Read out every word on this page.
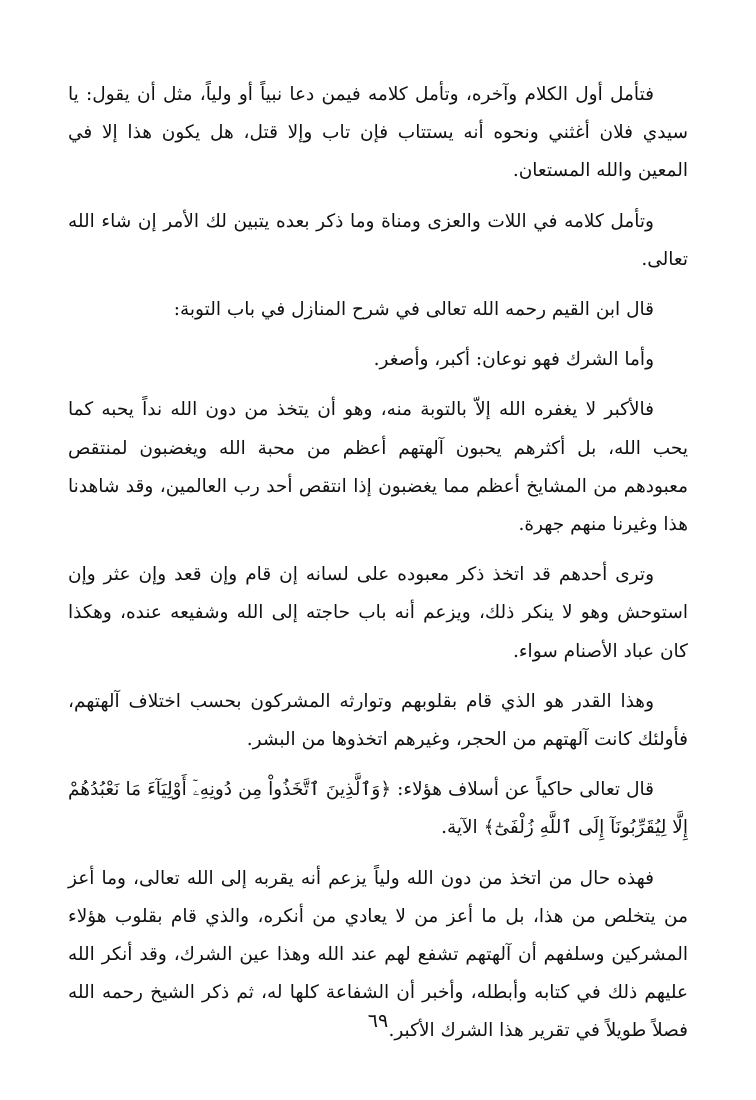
فتأمل أول الكلام وآخره، وتأمل كلامه فيمن دعا نبياً أو ولياً، مثل أن يقول: يا سيدي فلان أغثني ونحوه أنه يستتاب فإن تاب وإلا قتل، هل يكون هذا إلا في المعين والله المستعان.

وتأمل كلامه في اللات والعزى ومناة وما ذكر بعده يتبين لك الأمر إن شاء الله تعالى.

قال ابن القيم رحمه الله تعالى في شرح المنازل في باب التوبة:

وأما الشرك فهو نوعان: أكبر، وأصغر.

فالأكبر لا يغفره الله إلاّ بالتوبة منه، وهو أن يتخذ من دون الله نداً يحبه كما يحب الله، بل أكثرهم يحبون آلهتهم أعظم من محبة الله ويغضبون لمنتقص معبودهم من المشايخ أعظم مما يغضبون إذا انتقص أحد رب العالمين، وقد شاهدنا هذا وغيرنا منهم جهرة.

وترى أحدهم قد اتخذ ذكر معبوده على لسانه إن قام وإن قعد وإن عثر وإن استوحش وهو لا ينكر ذلك، ويزعم أنه باب حاجته إلى الله وشفيعه عنده، وهكذا كان عباد الأصنام سواء.

وهذا القدر هو الذي قام بقلوبهم وتوارثه المشركون بحسب اختلاف آلهتهم، فأولئك كانت آلهتهم من الحجر، وغيرهم اتخذوها من البشر.

قال تعالى حاكياً عن أسلاف هؤلاء: ﴿وَٱلَّذِينَ ٱتَّخَذُواْ مِن دُونِهِۦٓ أَوْلِيَآءَ مَا نَعْبُدُهُمْ إِلَّا لِيُقَرِّبُونَآ إِلَى ٱللَّهِ زُلْفَىٰٓ﴾ الآية.

فهذه حال من اتخذ من دون الله ولياً يزعم أنه يقربه إلى الله تعالى، وما أعز من يتخلص من هذا، بل ما أعز من لا يعادي من أنكره، والذي قام بقلوب هؤلاء المشركين وسلفهم أن آلهتهم تشفع لهم عند الله وهذا عين الشرك، وقد أنكر الله عليهم ذلك في كتابه وأبطله، وأخبر أن الشفاعة كلها له، ثم ذكر الشيخ رحمه الله فصلاً طويلاً في تقرير هذا الشرك الأكبر.

٦٩
